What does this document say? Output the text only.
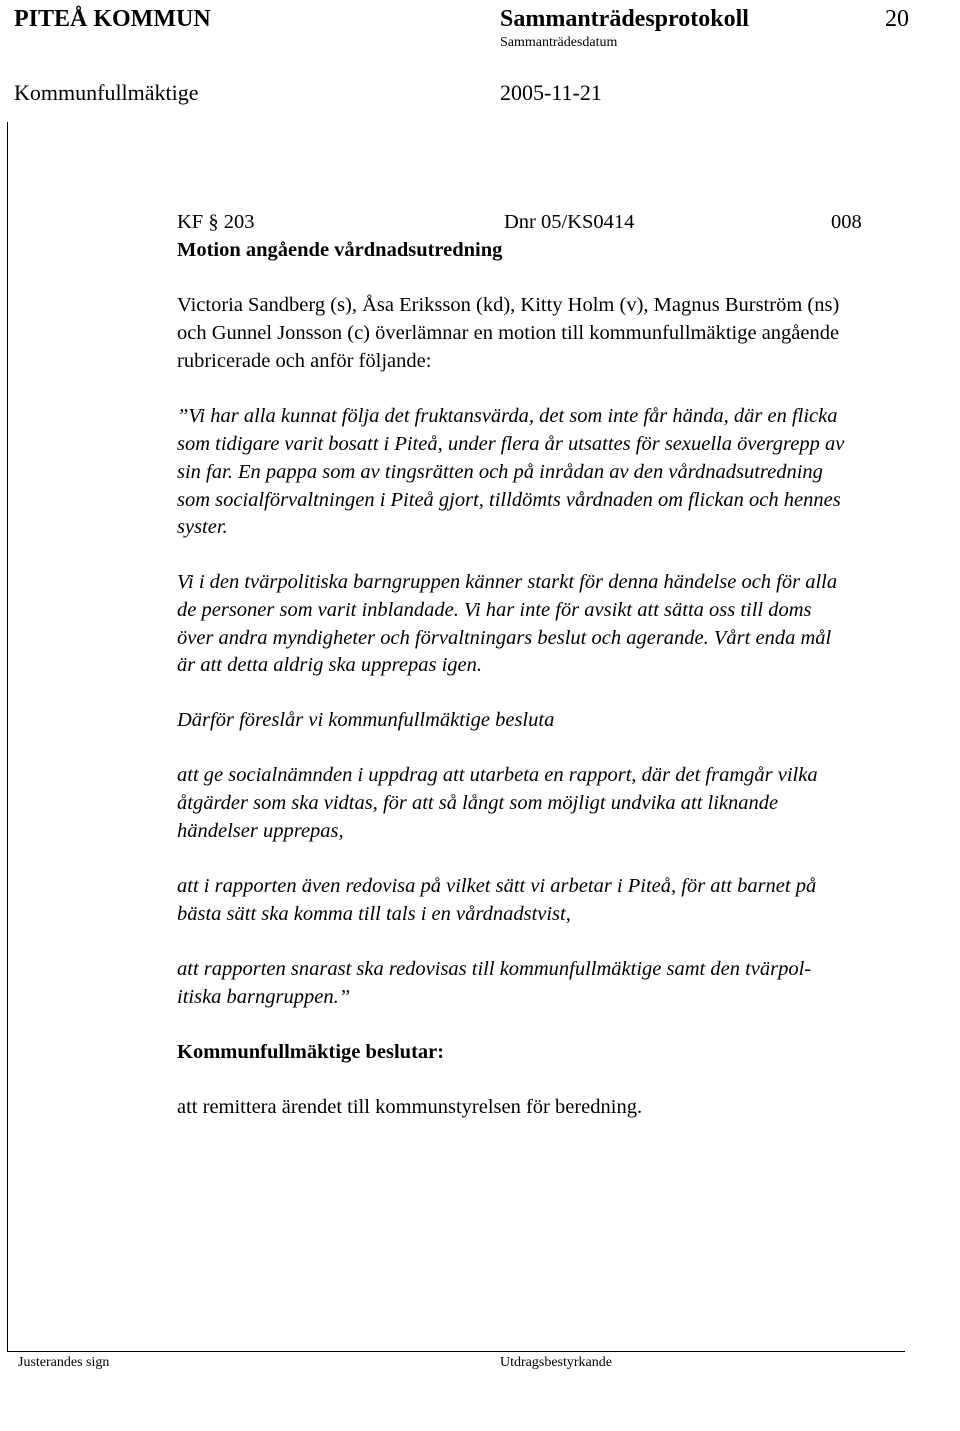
PITEÅ KOMMUN	Sammanträdesprotokoll	20
Sammanträdesdatum
Kommunfullmäktige	2005-11-21
KF § 203	Dnr 05/KS0414	008
Motion angående vårdnadsutredning
Victoria Sandberg (s), Åsa Eriksson (kd), Kitty Holm (v), Magnus Burström (ns)
och Gunnel Jonsson (c) överlämnar en motion till kommunfullmäktige angående
rubricerade och anför följande:
”Vi har alla kunnat följa det fruktansvärda, det som inte får hända, där en flicka
som tidigare varit bosatt i Piteå, under flera år utsattes för sexuella övergrepp av
sin far. En pappa som av tingsrätten och på inrådan av den vårdnadsutredning
som socialförvaltningen i Piteå gjort, tilldömts vårdnaden om flickan och hennes
syster.
Vi i den tvärpolitiska barngruppen känner starkt för denna händelse och för alla
de personer som varit inblandade. Vi har inte för avsikt att sätta oss till doms
över andra myndigheter och förvaltningars beslut och agerande. Vårt enda mål
är att detta aldrig ska upprepas igen.
Därför föreslår vi kommunfullmäktige besluta
att ge socialnämnden i uppdrag att utarbeta en rapport, där det framgår vilka
åtgärder som ska vidtas, för att så långt som möjligt undvika att liknande
händelser upprepas,
att i rapporten även redovisa på vilket sätt vi arbetar i Piteå, för att barnet på
bästa sätt ska komma till tals i en vårdnadstvist,
att rapporten snarast ska redovisas till kommunfullmäktige samt den tvärpol-
itiska barngruppen.”
Kommunfullmäktige beslutar:
att remittera ärendet till kommunstyrelsen för beredning.
Justerandes sign	Utdragsbestyrkande
